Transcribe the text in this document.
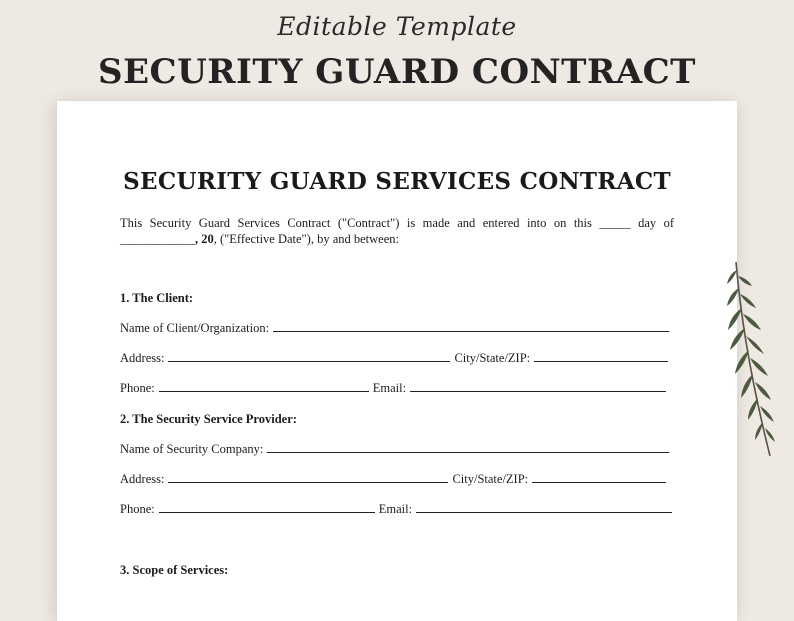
Editable Template
SECURITY GUARD CONTRACT
SECURITY GUARD SERVICES CONTRACT

This Security Guard Services Contract ("Contract") is made and entered into on this _____ day of ____________, 20, ("Effective Date"), by and between:

1. The Client:
Name of Client/Organization:
Address:	City/State/ZIP:
Phone:	Email:
2. The Security Service Provider:
Name of Security Company:
Address:	City/State/ZIP:
Phone:	Email:
3. Scope of Services:
